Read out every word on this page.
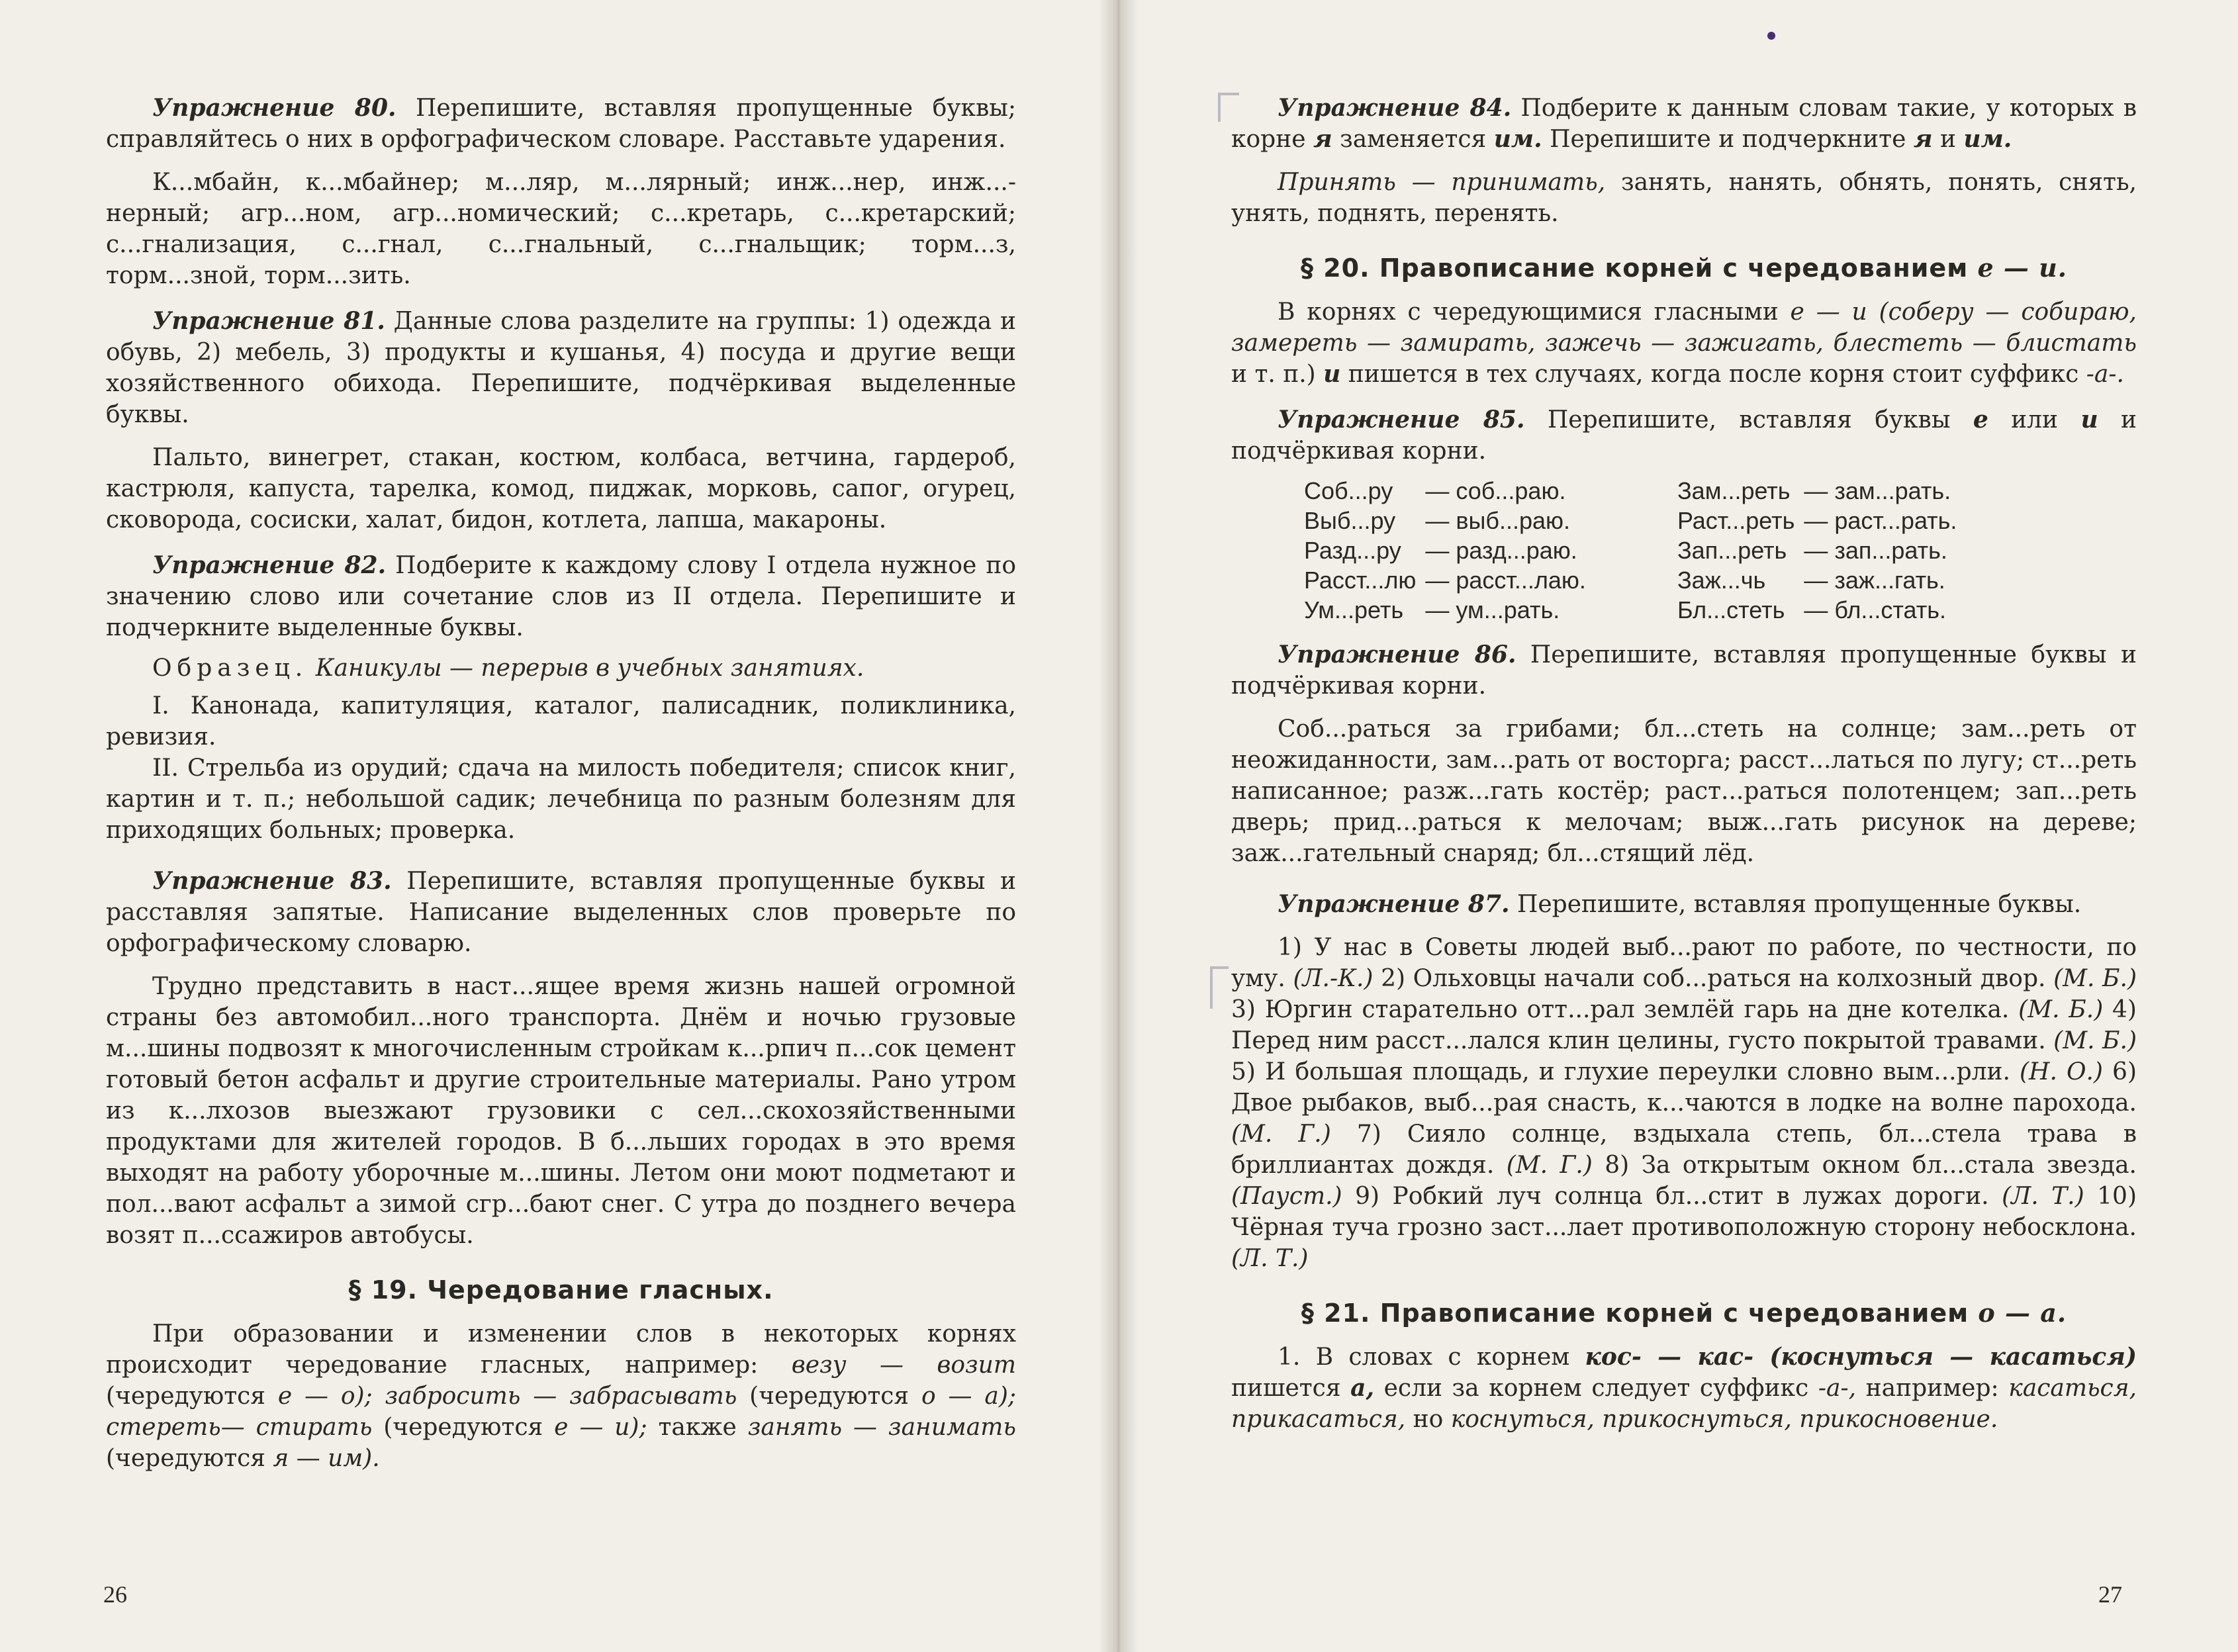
Упражнение 80. Перепишите, вставляя пропущенные буквы; справляйтесь о них в орфографическом словаре. Расставьте ударения.

К...мбайн, к...мбайнер; м...ляр, м...лярный; инж...нер, инж...-нерный; агр...ном, агр...номический; с...кретарь, с...кретарский; с...гнализация, с...гнал, с...гнальный, с...гнальщик; торм...з, торм...зной, торм...зить.

Упражнение 81. Данные слова разделите на группы: 1) одежда и обувь, 2) мебель, 3) продукты и кушанья, 4) посуда и другие вещи хозяйственного обихода. Перепишите, подчёркивая выделенные буквы.

Пальто, винегрет, стакан, костюм, колбаса, ветчина, гардероб, кастрюля, капуста, тарелка, комод, пиджак, морковь, сапог, огурец, сковорода, сосиски, халат, бидон, котлета, лапша, макароны.

Упражнение 82. Подберите к каждому слову I отдела нужное по значению слово или сочетание слов из II отдела. Перепишите и подчеркните выделенные буквы.

Образец. Каникулы — перерыв в учебных занятиях.

I. Канонада, капитуляция, каталог, палисадник, поликлиника, ревизия.

II. Стрельба из орудий; сдача на милость победителя; список книг, картин и т. п.; небольшой садик; лечебница по разным болезням для приходящих больных; проверка.

Упражнение 83. Перепишите, вставляя пропущенные буквы и расставляя запятые. Написание выделенных слов проверьте по орфографическому словарю.

Трудно представить в наст...ящее время жизнь нашей огромной страны без автомобил...ного транспорта. Днём и ночью грузовые м...шины подвозят к многочисленным стройкам к...рпич п...сок цемент готовый бетон асфальт и другие строительные материалы. Рано утром из к...лхозов выезжают грузовики с сел...скохозяйственными продуктами для жителей городов. В б...льших городах в это время выходят на работу уборочные м...шины. Летом они моют подметают и пол...вают асфальт а зимой сгр...бают снег. С утра до позднего вечера возят п...ссажиров автобусы.

§ 19. Чередование гласных.

При образовании и изменении слов в некоторых корнях происходит чередование гласных, например: везу — возит (чередуются е — о); забросить — забрасывать (чередуются о — а); стереть— стирать (чередуются е — и); также занять — занимать (чередуются я — им).

26

Упражнение 84. Подберите к данным словам такие, у которых в корне я заменяется им. Перепишите и подчеркните я и им.

Принять — принимать, занять, нанять, обнять, понять, снять, унять, поднять, перенять.

§ 20. Правописание корней с чередованием е — и.

В корнях с чередующимися гласными е — и (соберу — собираю, замереть — замирать, зажечь — зажигать, блестеть — блистать и т. п.) и пишется в тех случаях, когда после корня стоит суффикс -а-.

Упражнение 85. Перепишите, вставляя буквы е или и и подчёркивая корни.

Соб...ру	— соб...раю.		Зам...реть	— зам...рать.
Выб...ру	— выб...раю.		Раст...реть	— раст...рать.
Разд...ру	— разд...раю.		Зап...реть	— зап...рать.
Расст...лю	— расст...лаю.		Заж...чь	— заж...гать.
Ум...реть	— ум...рать.		Бл...стеть	— бл...стать.

Упражнение 86. Перепишите, вставляя пропущенные буквы и подчёркивая корни.

Соб...раться за грибами; бл...стеть на солнце; зам...реть от неожиданности, зам...рать от восторга; расст...латься по лугу; ст...реть написанное; разж...гать костёр; раст...раться полотенцем; зап...реть дверь; прид...раться к мелочам; выж...гать рисунок на дереве; заж...гательный снаряд; бл...стящий лёд.

Упражнение 87. Перепишите, вставляя пропущенные буквы.

1) У нас в Советы людей выб...рают по работе, по честности, по уму. (Л.-К.) 2) Ольховцы начали соб...раться на колхозный двор. (М. Б.) 3) Юргин старательно отт...рал землёй гарь на дне котелка. (М. Б.) 4) Перед ним расст...лался клин целины, густо покрытой травами. (М. Б.) 5) И большая площадь, и глухие переулки словно вым...рли. (Н. О.) 6) Двое рыбаков, выб...рая снасть, к...чаются в лодке на волне парохода. (М. Г.) 7) Сияло солнце, вздыхала степь, бл...стела трава в бриллиантах дождя. (М. Г.) 8) За открытым окном бл...стала звезда. (Пауст.) 9) Робкий луч солнца бл...стит в лужах дороги. (Л. Т.) 10) Чёрная туча грозно заст...лает противоположную сторону небосклона. (Л. Т.)

§ 21. Правописание корней с чередованием о — а.

1. В словах с корнем кос- — кас- (коснуться — касаться) пишется а, если за корнем следует суффикс -а-, например: касаться, прикасаться, но коснуться, прикоснуться, прикосновение.

27
